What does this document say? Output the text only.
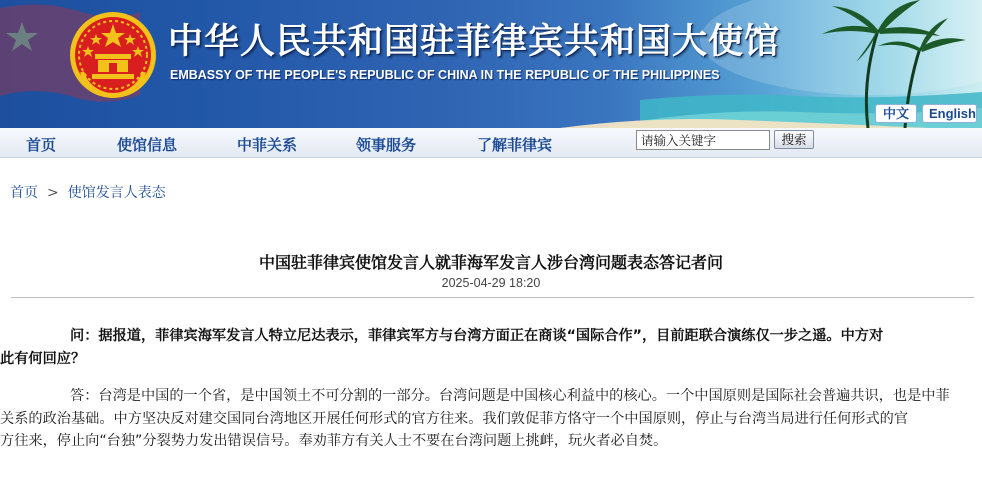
中华人民共和国驻菲律宾共和国大使馆
EMBASSY OF THE PEOPLE'S REPUBLIC OF CHINA IN THE REPUBLIC OF THE PHILIPPINES
中文	English
首页	使馆信息	中菲关系	领事服务	了解菲律宾
请输入关键字	搜索
首页 > 使馆发言人表态
中国驻菲律宾使馆发言人就菲海军发言人涉台湾问题表态答记者问
2025-04-29 18:20
问：据报道，菲律宾海军发言人特立尼达表示，菲律宾军方与台湾方面正在商谈“国际合作”，目前距联合演练仅一步之遥。中方对
此有何回应？
答：台湾是中国的一个省，是中国领土不可分割的一部分。台湾问题是中国核心利益中的核心。一个中国原则是国际社会普遍共识，也是中菲
关系的政治基础。中方坚决反对建交国同台湾地区开展任何形式的官方往来。我们敦促菲方恪守一个中国原则，停止与台湾当局进行任何形式的官
方往来，停止向“台独”分裂势力发出错误信号。奉劝菲方有关人士不要在台湾问题上挑衅，玩火者必自焚。
